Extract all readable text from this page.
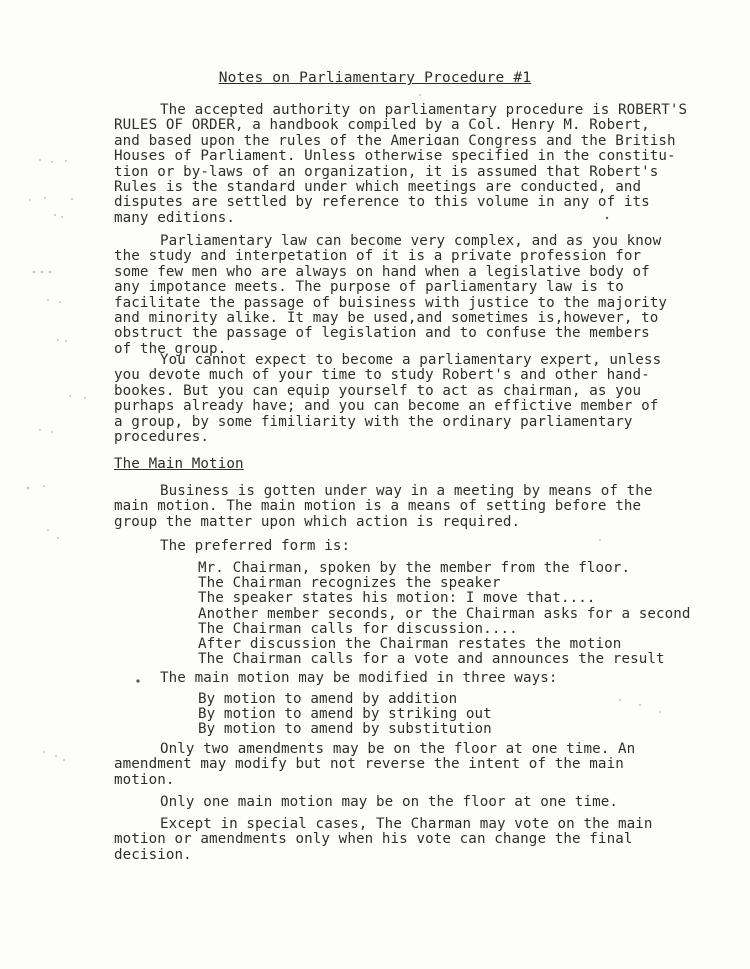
Notes on Parliamentary Procedure #1
The accepted authority on parliamentary procedure is ROBERT'S
RULES OF ORDER, a handbook compiled by a Col. Henry M. Robert,
and based upon the rules of the Ameriɑan Congress and the British
Houses of Parliament. Unless otherwise specified in the constitu-
tion or by-laws of an organization, it is assumed that Robert's
Rules is the standard under which meetings are conducted, and
disputes are settled by reference to this volume in any of its
many editions.
Parliamentary law can become very complex, and as you know
the study and interpetation of it is a private profession for
some few men who are always on hand when a legislative body of
any impotance meets. The purpose of parliamentary law is to
facilitate the passage of buisiness with justice to the majority
and minority alike. It may be used,and sometimes is,however, to
obstruct the passage of legislation and to confuse the members
of the group.
You cannot expect to become a parliamentary expert, unless
you devote much of your time to study Robert's and other hand-
bookes. But you can equip yourself to act as chairman, as you
purhaps already have; and you can become an effictive member of
a group, by some fimiliarity with the ordinary parliamentary
procedures.
The Main Motion
Business is gotten under way in a meeting by means of the
main motion. The main motion is a means of setting before the
group the matter upon which action is required.
The preferred form is:
Mr. Chairman, spoken by the member from the floor.
The Chairman recognizes the speaker
The speaker states his motion: I move that....
Another member seconds, or the Chairman asks for a second
The Chairman calls for discussion....
After discussion the Chairman restates the motion
The Chairman calls for a vote and announces the result
The main motion may be modified in three ways:
By motion to amend by addition
By motion to amend by striking out
By motion to amend by substitution
Only two amendments may be on the floor at one time. An
amendment may modify but not reverse the intent of the main
motion.
Only one main motion may be on the floor at one time.
Except in special cases, The Charman may vote on the main
motion or amendments only when his vote can change the final
decision.
